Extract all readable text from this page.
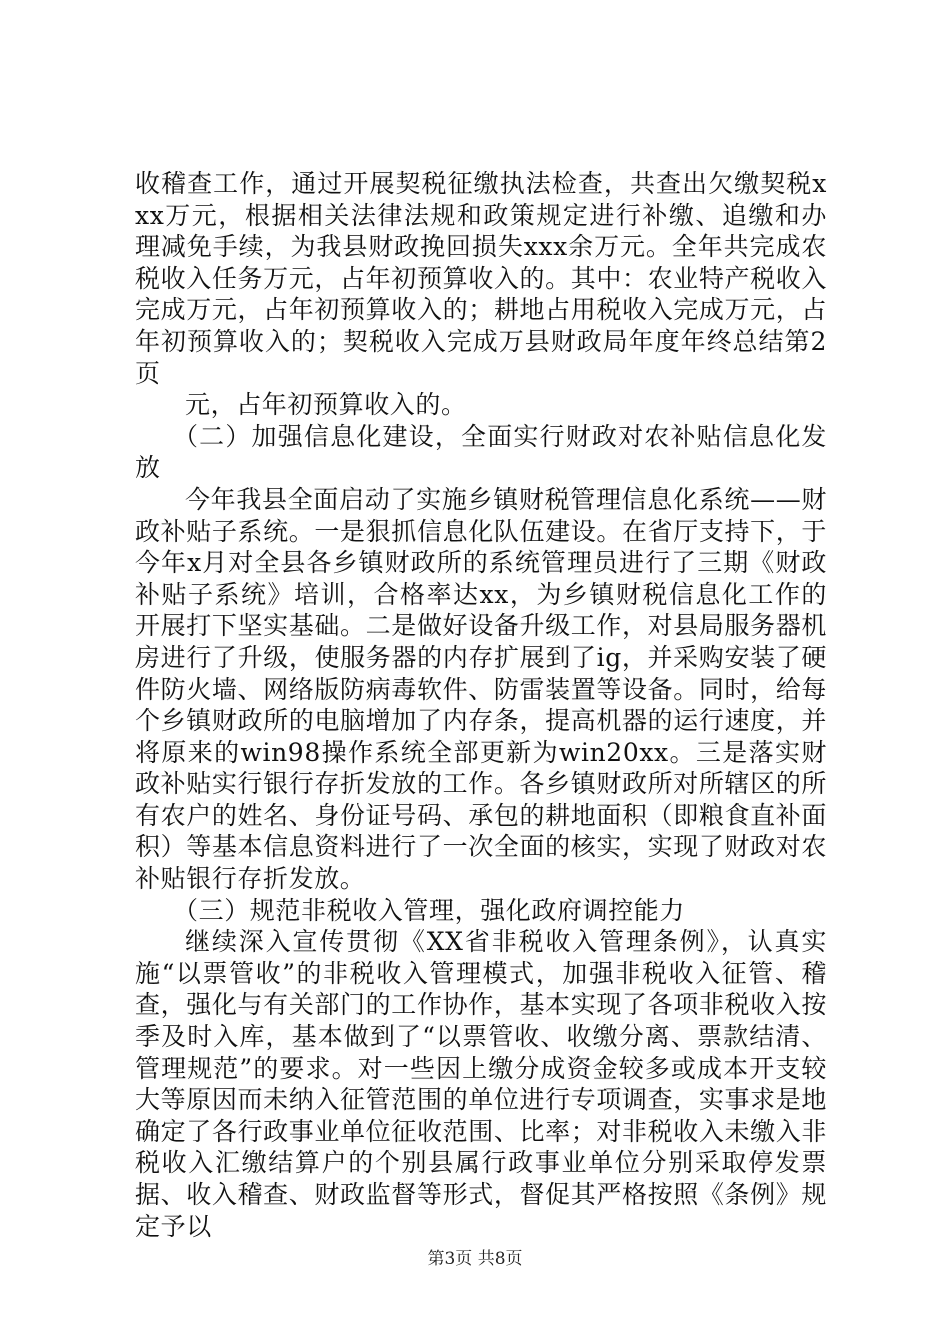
收稽查工作，通过开展契税征缴执法检查，共查出欠缴契税xxx万元，根据相关法律法规和政策规定进行补缴、追缴和办理减免手续，为我县财政挽回损失xxx余万元。全年共完成农税收入任务万元，占年初预算收入的。其中：农业特产税收入完成万元，占年初预算收入的；耕地占用税收入完成万元，占年初预算收入的；契税收入完成万县财政局年度年终总结第2页

元，占年初预算收入的。

（二）加强信息化建设，全面实行财政对农补贴信息化发放

今年我县全面启动了实施乡镇财税管理信息化系统——财政补贴子系统。一是狠抓信息化队伍建设。在省厅支持下，于今年x月对全县各乡镇财政所的系统管理员进行了三期《财政补贴子系统》培训，合格率达xx，为乡镇财税信息化工作的开展打下坚实基础。二是做好设备升级工作，对县局服务器机房进行了升级，使服务器的内存扩展到了ig，并采购安装了硬件防火墙、网络版防病毒软件、防雷装置等设备。同时，给每个乡镇财政所的电脑增加了内存条，提高机器的运行速度，并将原来的win98操作系统全部更新为win20xx。三是落实财政补贴实行银行存折发放的工作。各乡镇财政所对所辖区的所有农户的姓名、身份证号码、承包的耕地面积（即粮食直补面积）等基本信息资料进行了一次全面的核实，实现了财政对农补贴银行存折发放。

（三）规范非税收入管理，强化政府调控能力

继续深入宣传贯彻《XX省非税收入管理条例》，认真实施“以票管收”的非税收入管理模式，加强非税收入征管、稽查，强化与有关部门的工作协作，基本实现了各项非税收入按季及时入库，基本做到了“以票管收、收缴分离、票款结清、管理规范”的要求。对一些因上缴分成资金较多或成本开支较大等原因而未纳入征管范围的单位进行专项调查，实事求是地确定了各行政事业单位征收范围、比率；对非税收入未缴入非税收入汇缴结算户的个别县属行政事业单位分别采取停发票据、收入稽查、财政监督等形式，督促其严格按照《条例》规定予以

第3页 共8页
